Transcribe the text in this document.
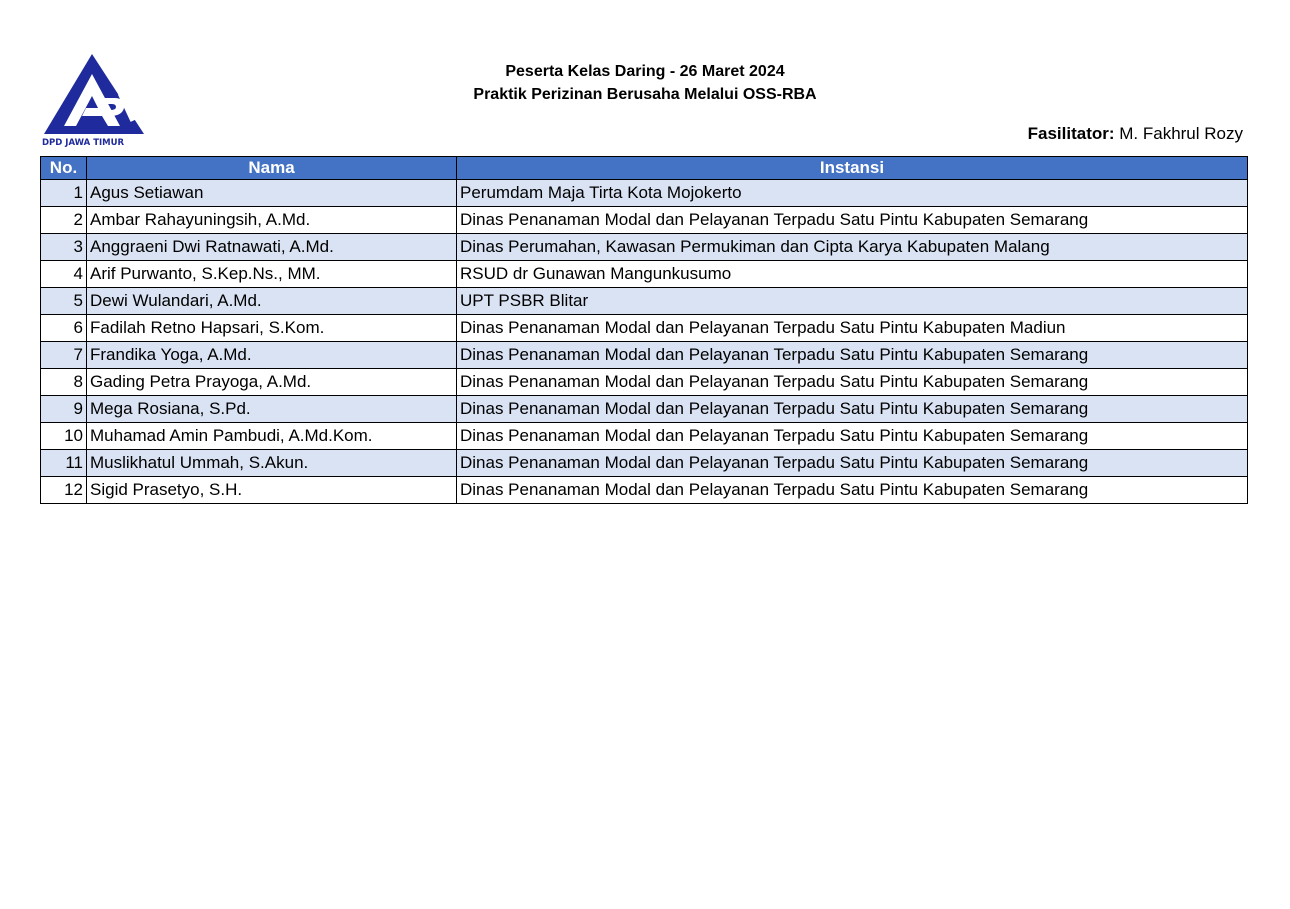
DPD JAWA TIMUR
Peserta Kelas Daring - 26 Maret 2024
Praktik Perizinan Berusaha Melalui OSS-RBA
Fasilitator: M. Fakhrul Rozy
No.	Nama	Instansi
1	Agus Setiawan	Perumdam Maja Tirta Kota Mojokerto
2	Ambar Rahayuningsih, A.Md.	Dinas Penanaman Modal dan Pelayanan Terpadu Satu Pintu Kabupaten Semarang
3	Anggraeni Dwi Ratnawati, A.Md.	Dinas Perumahan, Kawasan Permukiman dan Cipta Karya Kabupaten Malang
4	Arif Purwanto, S.Kep.Ns., MM.	RSUD dr Gunawan Mangunkusumo
5	Dewi Wulandari, A.Md.	UPT PSBR Blitar
6	Fadilah Retno Hapsari, S.Kom.	Dinas Penanaman Modal dan Pelayanan Terpadu Satu Pintu Kabupaten Madiun
7	Frandika Yoga, A.Md.	Dinas Penanaman Modal dan Pelayanan Terpadu Satu Pintu Kabupaten Semarang
8	Gading Petra Prayoga, A.Md.	Dinas Penanaman Modal dan Pelayanan Terpadu Satu Pintu Kabupaten Semarang
9	Mega Rosiana, S.Pd.	Dinas Penanaman Modal dan Pelayanan Terpadu Satu Pintu Kabupaten Semarang
10	Muhamad Amin Pambudi, A.Md.Kom.	Dinas Penanaman Modal dan Pelayanan Terpadu Satu Pintu Kabupaten Semarang
11	Muslikhatul Ummah, S.Akun.	Dinas Penanaman Modal dan Pelayanan Terpadu Satu Pintu Kabupaten Semarang
12	Sigid Prasetyo, S.H.	Dinas Penanaman Modal dan Pelayanan Terpadu Satu Pintu Kabupaten Semarang
